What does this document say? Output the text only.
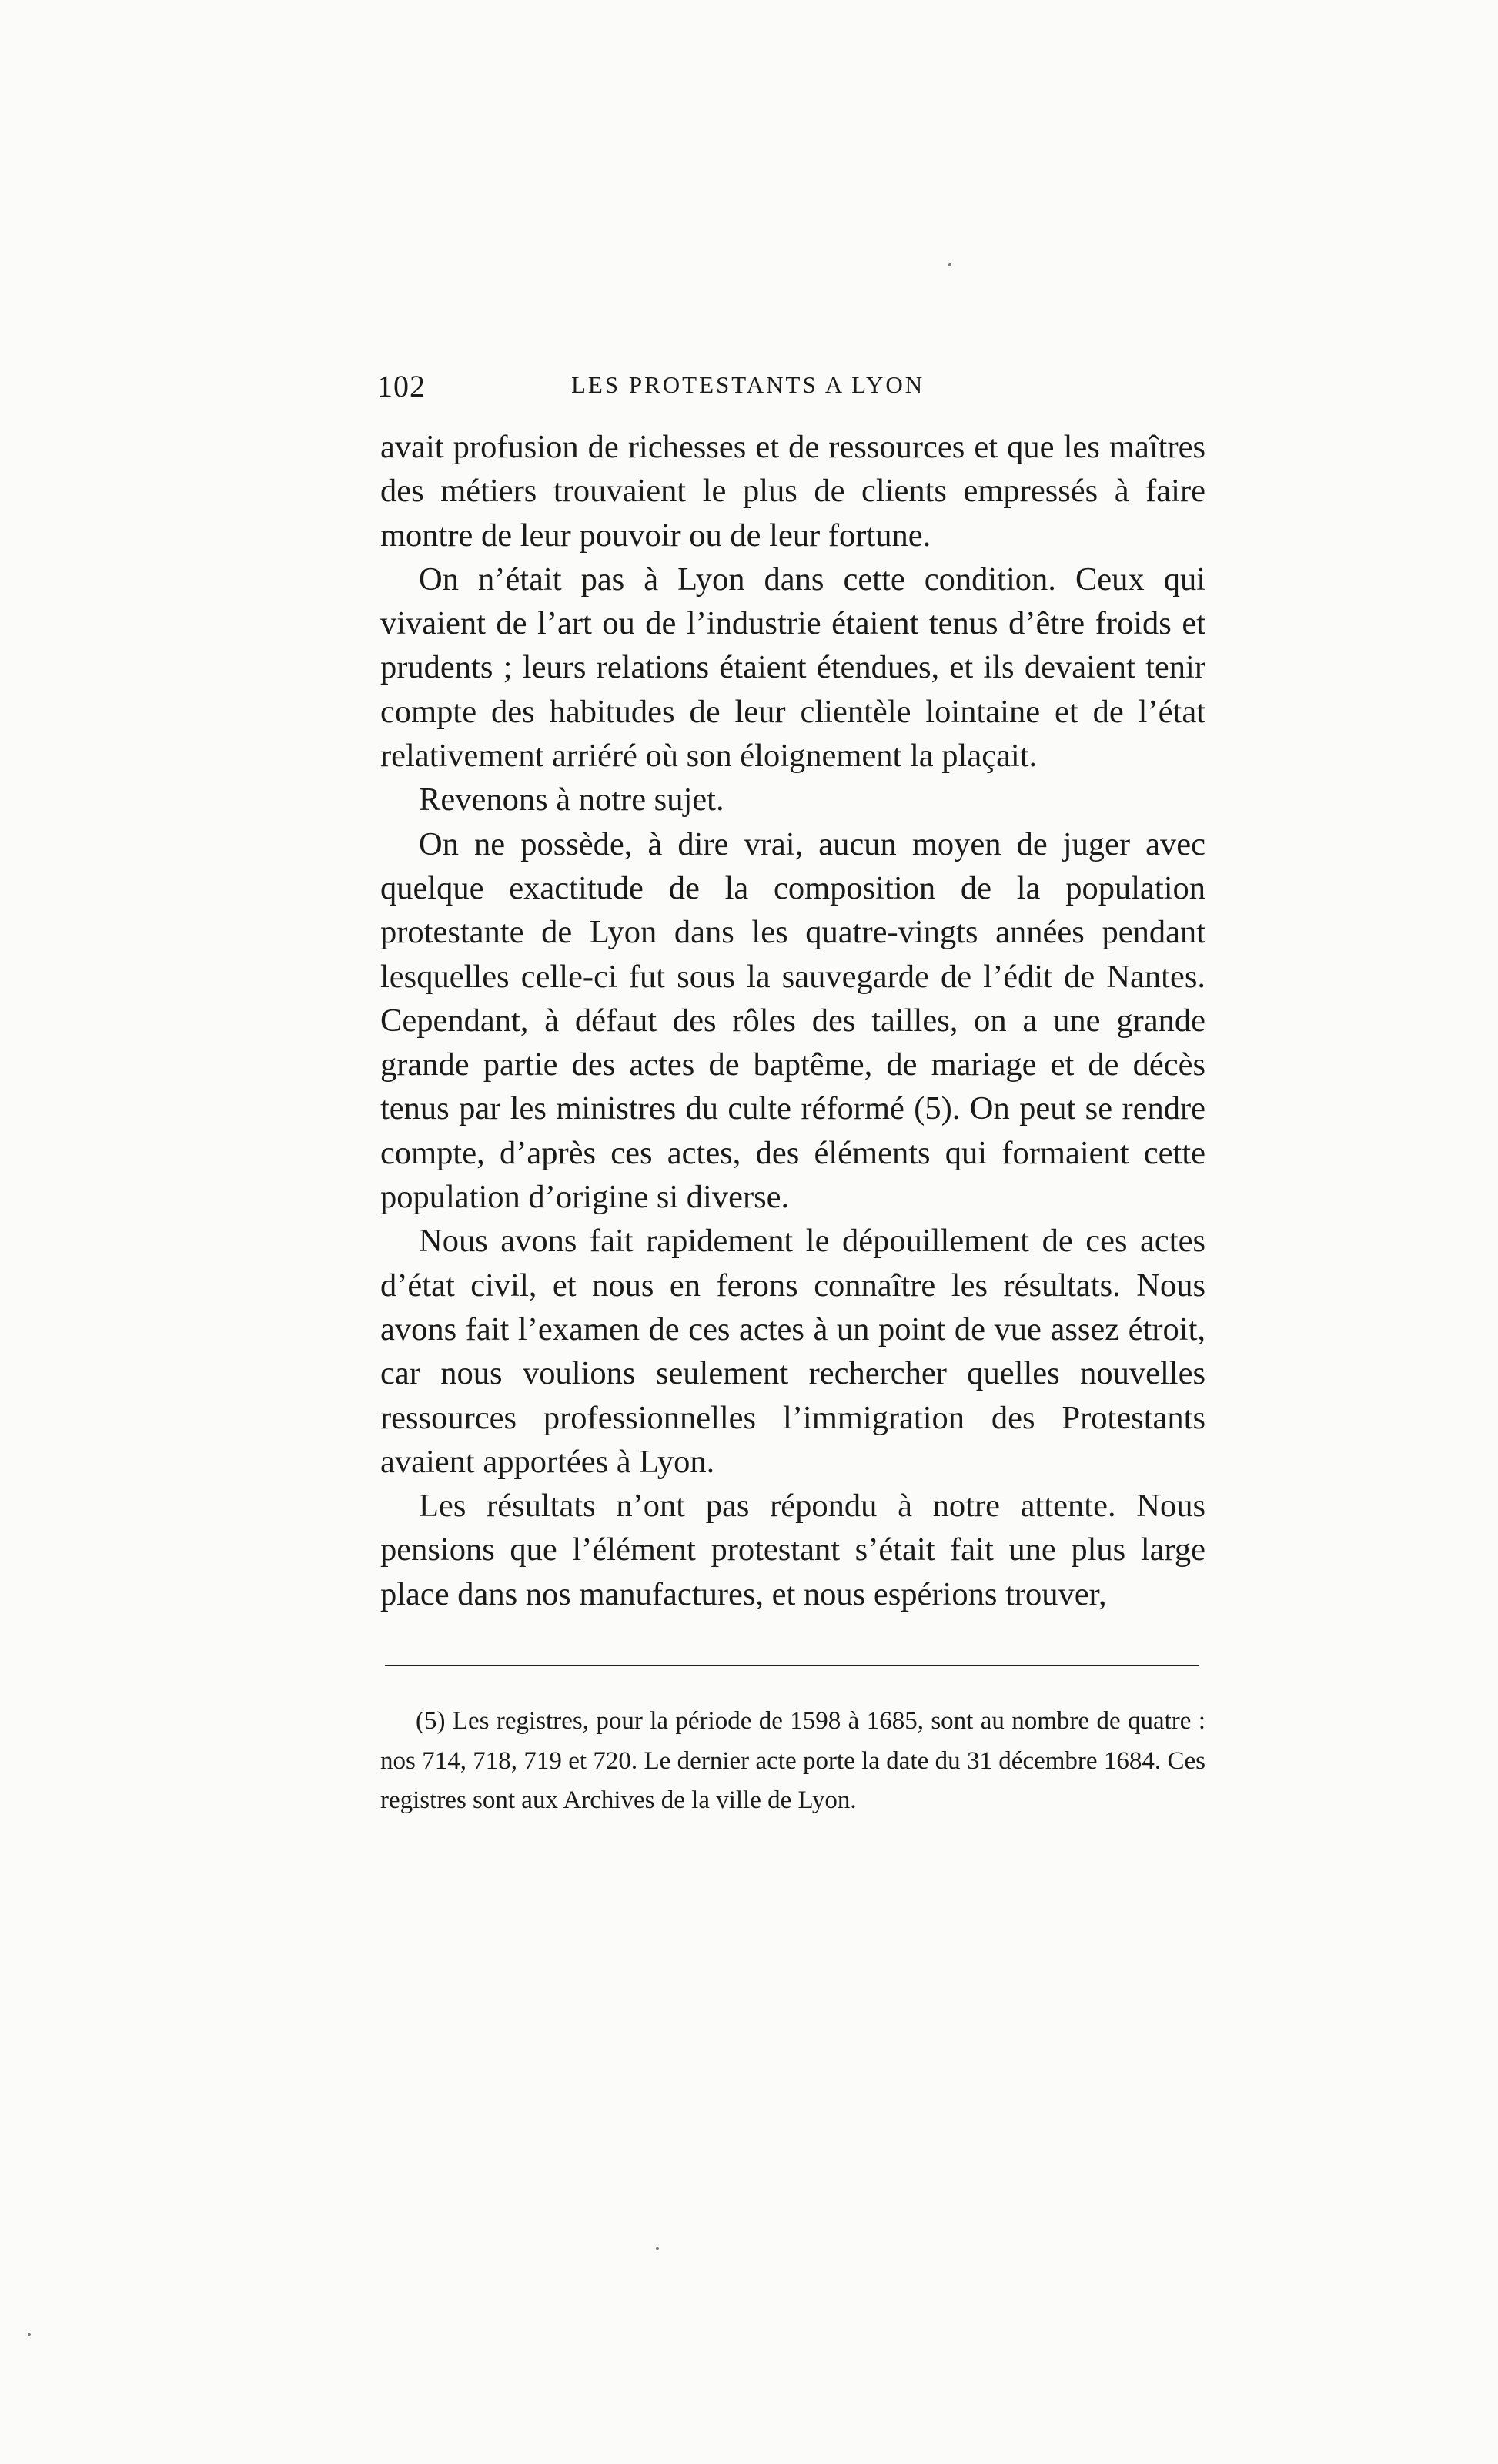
102	LES PROTESTANTS A LYON

avait profusion de richesses et de ressources et que les maîtres des métiers trouvaient le plus de clients empressés à faire montre de leur pouvoir ou de leur fortune.

On n’était pas à Lyon dans cette condition. Ceux qui vivaient de l’art ou de l’industrie étaient tenus d’être froids et prudents ; leurs relations étaient étendues, et ils devaient tenir compte des habitudes de leur clientèle lointaine et de l’état relativement arriéré où son éloignement la plaçait.

Revenons à notre sujet.

On ne possède, à dire vrai, aucun moyen de juger avec quelque exactitude de la composition de la population protestante de Lyon dans les quatre-vingts années pendant lesquelles celle-ci fut sous la sauvegarde de l’édit de Nantes. Cependant, à défaut des rôles des tailles, on a une grande grande partie des actes de baptême, de mariage et de décès tenus par les ministres du culte réformé (5). On peut se rendre compte, d’après ces actes, des éléments qui formaient cette population d’origine si diverse.

Nous avons fait rapidement le dépouillement de ces actes d’état civil, et nous en ferons connaître les résultats. Nous avons fait l’examen de ces actes à un point de vue assez étroit, car nous voulions seulement rechercher quelles nouvelles ressources professionnelles l’immigration des Protestants avaient apportées à Lyon.

Les résultats n’ont pas répondu à notre attente. Nous pensions que l’élément protestant s’était fait une plus large place dans nos manufactures, et nous espérions trouver,

(5) Les registres, pour la période de 1598 à 1685, sont au nombre de quatre : nos 714, 718, 719 et 720. Le dernier acte porte la date du 31 décembre 1684. Ces registres sont aux Archives de la ville de Lyon.
